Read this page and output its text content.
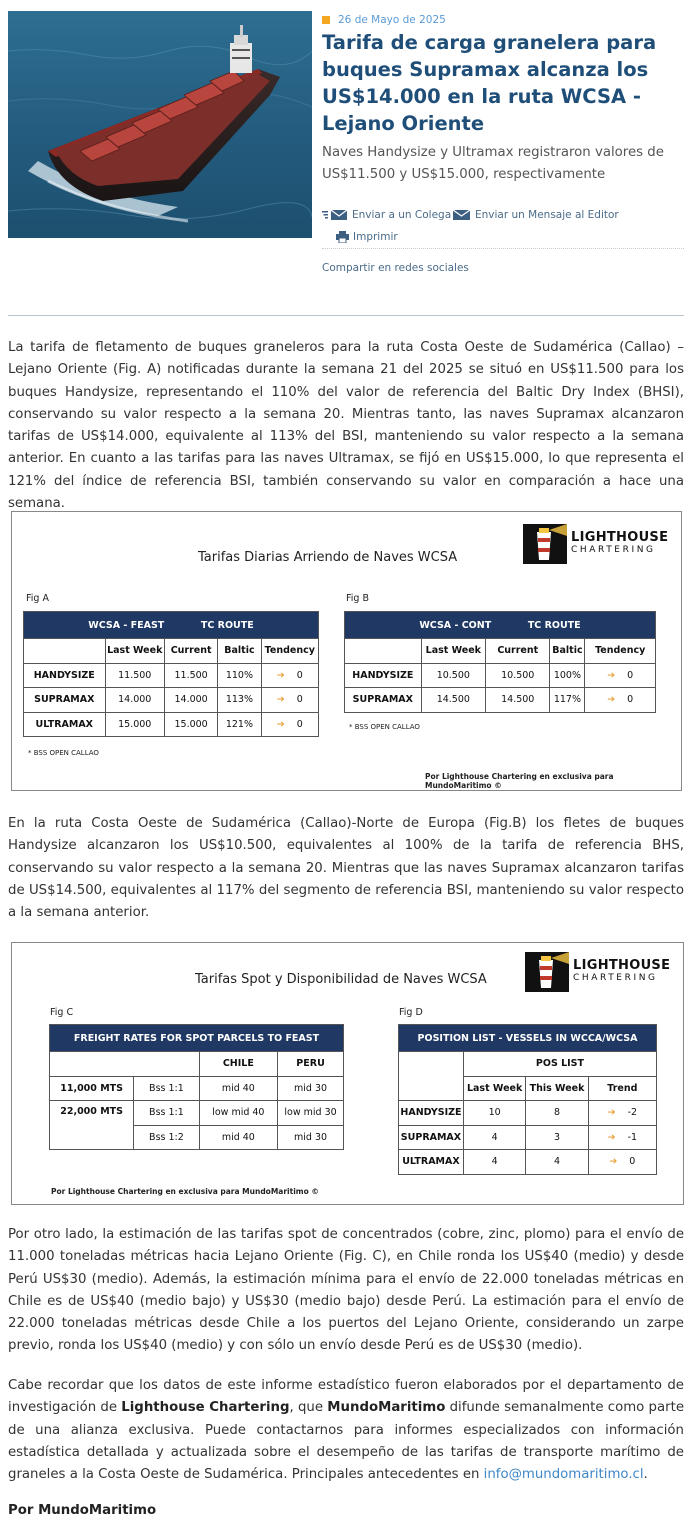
26 de Mayo de 2025
Tarifa de carga granelera para buques Supramax alcanza los US$14.000 en la ruta WCSA - Lejano Oriente
Naves Handysize y Ultramax registraron valores de US$11.500 y US$15.000, respectivamente
Enviar a un Colega Enviar un Mensaje al Editor
Imprimir
Compartir en redes sociales
La tarifa de fletamento de buques graneleros para la ruta Costa Oeste de Sudamérica (Callao) – Lejano Oriente (Fig. A) notificadas durante la semana 21 del 2025 se situó en US$11.500 para los buques Handysize, representando el 110% del valor de referencia del Baltic Dry Index (BHSI), conservando su valor respecto a la semana 20. Mientras tanto, las naves Supramax alcanzaron tarifas de US$14.000, equivalente al 113% del BSI, manteniendo su valor respecto a la semana anterior. En cuanto a las tarifas para las naves Ultramax, se fijó en US$15.000, lo que representa el 121% del índice de referencia BSI, también conservando su valor en comparación a hace una semana.
Tarifas Diarias Arriendo de Naves WCSA
LIGHTHOUSE
CHARTERING
Fig A	Fig B
WCSA - FEAST TC ROUTE				
	Last Week	Current	Baltic	Tendency
HANDYSIZE	11.500	11.500	110%	➔ 0
SUPRAMAX	14.000	14.000	113%	➔ 0
ULTRAMAX	15.000	15.000	121%	➔ 0
* BSS OPEN CALLAO
WCSA - CONT TC ROUTE				
	Last Week	Current	Baltic	Tendency
HANDYSIZE	10.500	10.500	100%	➔ 0
SUPRAMAX	14.500	14.500	117%	➔ 0
* BSS OPEN CALLAO
Por Lighthouse Chartering en exclusiva para MundoMaritimo ©
En la ruta Costa Oeste de Sudamérica (Callao)-Norte de Europa (Fig.B) los fletes de buques Handysize alcanzaron los US$10.500, equivalentes al 100% de la tarifa de referencia BHS, conservando su valor respecto a la semana 20. Mientras que las naves Supramax alcanzaron tarifas de US$14.500, equivalentes al 117% del segmento de referencia BSI, manteniendo su valor respecto a la semana anterior.
Tarifas Spot y Disponibilidad de Naves WCSA
LIGHTHOUSE
CHARTERING
Fig C	Fig D
FREIGHT RATES FOR SPOT PARCELS TO FEAST			
		CHILE	PERU
11,000 MTS	Bss 1:1	mid 40	mid 30
22,000 MTS	Bss 1:1	low mid 40	low mid 30
	Bss 1:2	mid 40	mid 30
POSITION LIST - VESSELS IN WCCA/WCSA			
	POS LIST		
	Last Week	This Week	Trend
HANDYSIZE	10	8	➔ -2
SUPRAMAX	4	3	➔ -1
ULTRAMAX	4	4	➔ 0
Por Lighthouse Chartering en exclusiva para MundoMaritimo ©
Por otro lado, la estimación de las tarifas spot de concentrados (cobre, zinc, plomo) para el envío de 11.000 toneladas métricas hacia Lejano Oriente (Fig. C), en Chile ronda los US$40 (medio) y desde Perú US$30 (medio). Además, la estimación mínima para el envío de 22.000 toneladas métricas en Chile es de US$40 (medio bajo) y US$30 (medio bajo) desde Perú. La estimación para el envío de 22.000 toneladas métricas desde Chile a los puertos del Lejano Oriente, considerando un zarpe previo, ronda los US$40 (medio) y con sólo un envío desde Perú es de US$30 (medio).
Cabe recordar que los datos de este informe estadístico fueron elaborados por el departamento de investigación de Lighthouse Chartering, que MundoMaritimo difunde semanalmente como parte de una alianza exclusiva. Puede contactarnos para informes especializados con información estadística detallada y actualizada sobre el desempeño de las tarifas de transporte marítimo de graneles a la Costa Oeste de Sudamérica. Principales antecedentes en info@mundomaritimo.cl.
Por MundoMaritimo
